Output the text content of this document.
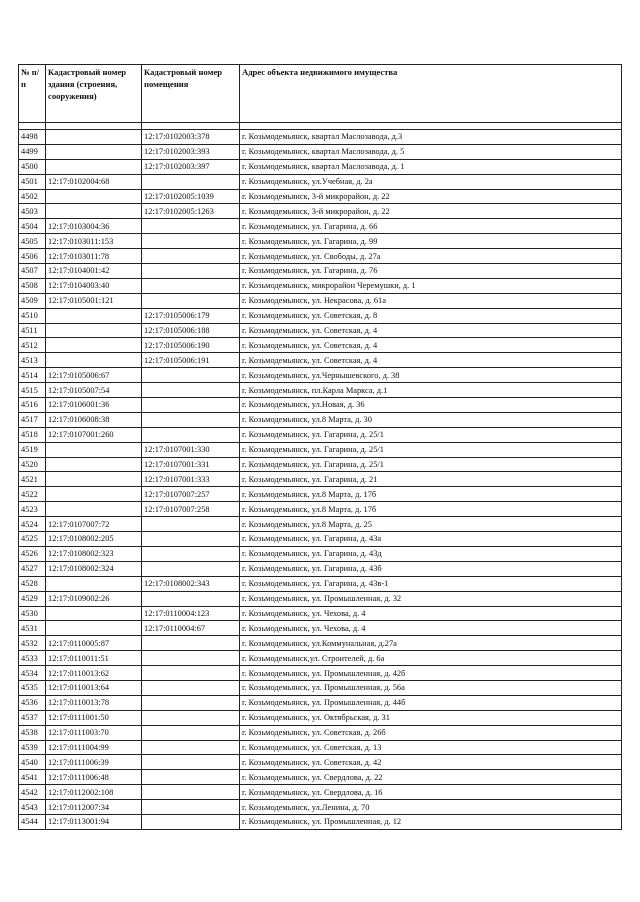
№ п/п	Кадастровый номер здания (строения, сооружения)	Кадастровый номер помещения	Адрес объекта недвижимого имущества

4498		12:17:0102003:378	г. Козьмодемьянск, квартал Маслозавода, д.3
4499		12:17:0102003:393	г. Козьмодемьянск, квартал Маслозавода, д. 5
4500		12:17:0102003:397	г. Козьмодемьянск, квартал Маслозавода, д. 1
4501	12:17:0102004:68		г. Козьмодемьянск, ул.Учебная, д. 2а
4502		12:17:0102005:1039	г. Козьмодемьянск, 3-й микрорайон, д. 22
4503		12:17:0102005:1263	г. Козьмодемьянск, 3-й микрорайон, д. 22
4504	12:17:0103004:36		г. Козьмодемьянск, ул. Гагарина, д. 66
4505	12:17:0103011:153		г. Козьмодемьянск, ул. Гагарина, д. 99
4506	12:17:0103011:78		г. Козьмодемьянск, ул. Свободы, д. 27а
4507	12:17:0104001:42		г. Козьмодемьянск, ул. Гагарина, д. 76
4508	12:17:0104003:40		г. Козьмодемьянск, микрорайон Черемушки, д. 1
4509	12:17:0105001:121		г. Козьмодемьянск, ул. Некрасова, д. 61а
4510		12:17:0105006:179	г. Козьмодемьянск, ул. Советская, д. 8
4511		12:17:0105006:188	г. Козьмодемьянск, ул. Советская, д. 4
4512		12:17:0105006:190	г. Козьмодемьянск, ул. Советская, д. 4
4513		12:17:0105006:191	г. Козьмодемьянск, ул. Советская, д. 4
4514	12:17:0105006:67		г. Козьмодемьянск, ул.Чернышевского, д. 38
4515	12:17:0105007:54		г. Козьмодемьянск, пл.Карла Маркса, д.1
4516	12:17:0106001:36		г. Козьмодемьянск, ул.Новая, д. 36
4517	12:17:0106008:38		г. Козьмодемьянск, ул.8 Марта, д. 30
4518	12:17:0107001:260		г. Козьмодемьянск, ул. Гагарина, д. 25/1
4519		12:17:0107001:330	г. Козьмодемьянск, ул. Гагарина, д. 25/1
4520		12:17:0107001:331	г. Козьмодемьянск, ул. Гагарина, д. 25/1
4521		12:17:0107001:333	г. Козьмодемьянск, ул. Гагарина, д. 21
4522		12:17:0107007:257	г. Козьмодемьянск, ул.8 Марта, д. 17б
4523		12:17:0107007:258	г. Козьмодемьянск, ул.8 Марта, д. 17б
4524	12:17:0107007:72		г. Козьмодемьянск, ул.8 Марта, д. 25
4525	12:17:0108002:205		г. Козьмодемьянск, ул. Гагарина, д. 43а
4526	12:17:0108002:323		г. Козьмодемьянск, ул. Гагарина, д. 43д
4527	12:17:0108002:324		г. Козьмодемьянск, ул. Гагарина, д. 43б
4528		12:17:0108002:343	г. Козьмодемьянск, ул. Гагарина, д. 43в-1
4529	12:17:0109002:26		г. Козьмодемьянск, ул. Промышленная, д. 32
4530		12:17:0110004:123	г. Козьмодемьянск, ул. Чехова, д. 4
4531		12:17:0110004:67	г. Козьмодемьянск, ул. Чехова, д. 4
4532	12:17:0110005:87		г. Козьмодемьянск, ул.Коммунальная, д.27а
4533	12:17:0110011:51		г. Козьмодемьянск,ул. Строителей, д. 6а
4534	12:17:0110013:62		г. Козьмодемьянск, ул. Промышленная, д. 42б
4535	12:17:0110013:64		г. Козьмодемьянск, ул. Промышленная, д. 56а
4536	12:17:0110013:78		г. Козьмодемьянск, ул. Промышленная, д. 44б
4537	12:17:0111001:50		г. Козьмодемьянск, ул. Октябрьская, д. 31
4538	12:17:0111003:70		г. Козьмодемьянск, ул. Советская, д. 26б
4539	12:17:0111004:99		г. Козьмодемьянск, ул. Советская, д. 13
4540	12:17:0111006:39		г. Козьмодемьянск, ул. Советская, д. 42
4541	12:17:0111006:48		г. Козьмодемьянск, ул. Свердлова, д. 22
4542	12:17:0112002:108		г. Козьмодемьянск, ул. Свердлова, д. 16
4543	12:17:0112007:34		г. Козьмодемьянск, ул.Ленина, д. 70
4544	12:17:0113001:94		г. Козьмодемьянск, ул. Промышленная, д. 12
